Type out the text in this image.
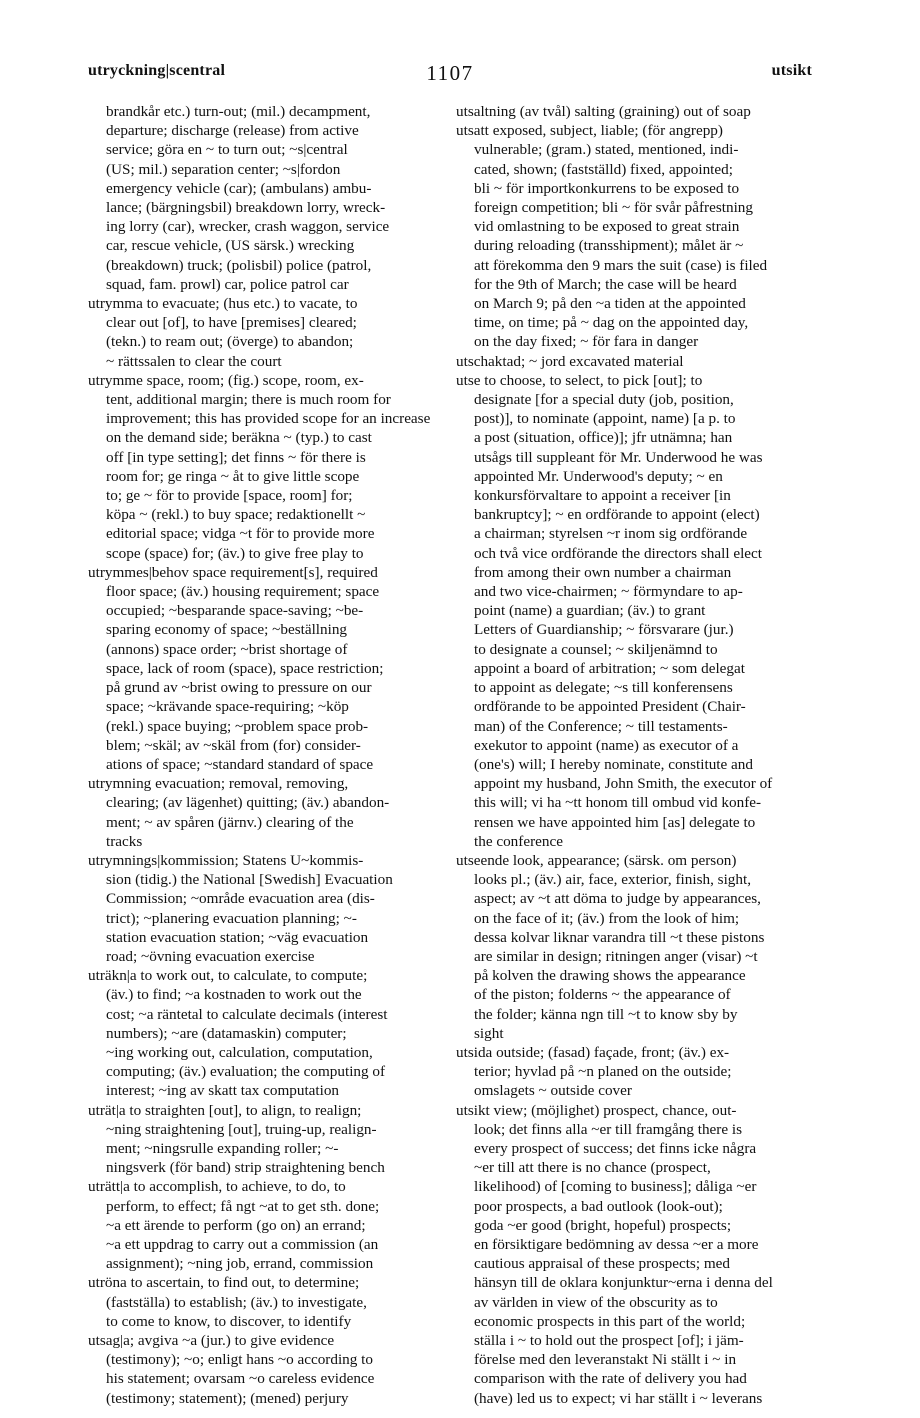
utryckning|scentral	1107	utsikt
brandkår etc.) turn-out; (mil.) decampment,
departure; discharge (release) from active
service; göra en ~ to turn out; ~s|central
(US; mil.) separation center; ~s|fordon
emergency vehicle (car); (ambulans) ambu-
lance; (bärgningsbil) breakdown lorry, wreck-
ing lorry (car), wrecker, crash waggon, service
car, rescue vehicle, (US särsk.) wrecking
(breakdown) truck; (polisbil) police (patrol,
squad, fam. prowl) car, police patrol car
utrymma to evacuate; (hus etc.) to vacate, to
clear out [of], to have [premises] cleared;
(tekn.) to ream out; (överge) to abandon;
~ rättssalen to clear the court
utrymme space, room; (fig.) scope, room, ex-
tent, additional margin; there is much room for
improvement; this has provided scope for an increase
on the demand side; beräkna ~ (typ.) to cast
off [in type setting]; det finns ~ för there is
room for; ge ringa ~ åt to give little scope
to; ge ~ för to provide [space, room] for;
köpa ~ (rekl.) to buy space; redaktionellt ~
editorial space; vidga ~t för to provide more
scope (space) for; (äv.) to give free play to
utrymmes|behov space requirement[s], required
floor space; (äv.) housing requirement; space
occupied; ~besparande space-saving; ~be-
sparing economy of space; ~beställning
(annons) space order; ~brist shortage of
space, lack of room (space), space restriction;
på grund av ~brist owing to pressure on our
space; ~krävande space-requiring; ~köp
(rekl.) space buying; ~problem space prob-
blem; ~skäl; av ~skäl from (for) consider-
ations of space; ~standard standard of space
utrymning evacuation; removal, removing,
clearing; (av lägenhet) quitting; (äv.) abandon-
ment; ~ av spåren (järnv.) clearing of the
tracks
utrymnings|kommission; Statens U~kommis-
sion (tidig.) the National [Swedish] Evacuation
Commission; ~område evacuation area (dis-
trict); ~planering evacuation planning; ~-
station evacuation station; ~väg evacuation
road; ~övning evacuation exercise
uträkn|a to work out, to calculate, to compute;
(äv.) to find; ~a kostnaden to work out the
cost; ~a räntetal to calculate decimals (interest
numbers); ~are (datamaskin) computer;
~ing working out, calculation, computation,
computing; (äv.) evaluation; the computing of
interest; ~ing av skatt tax computation
uträt|a to straighten [out], to align, to realign;
~ning straightening [out], truing-up, realign-
ment; ~ningsrulle expanding roller; ~-
ningsverk (för band) strip straightening bench
uträtt|a to accomplish, to achieve, to do, to
perform, to effect; få ngt ~at to get sth. done;
~a ett ärende to perform (go on) an errand;
~a ett uppdrag to carry out a commission (an
assignment); ~ning job, errand, commission
utröna to ascertain, to find out, to determine;
(fastställa) to establish; (äv.) to investigate,
to come to know, to discover, to identify
utsag|a; avgiva ~a (jur.) to give evidence
(testimony); ~o; enligt hans ~o according to
his statement; ovarsam ~o careless evidence
(testimony; statement); (mened) perjury
utsaltning (av tvål) salting (graining) out of soap
utsatt exposed, subject, liable; (för angrepp)
vulnerable; (gram.) stated, mentioned, indi-
cated, shown; (fastställd) fixed, appointed;
bli ~ för importkonkurrens to be exposed to
foreign competition; bli ~ för svår påfrestning
vid omlastning to be exposed to great strain
during reloading (transshipment); målet är ~
att förekomma den 9 mars the suit (case) is filed
for the 9th of March; the case will be heard
on March 9; på den ~a tiden at the appointed
time, on time; på ~ dag on the appointed day,
on the day fixed; ~ för fara in danger
utschaktad; ~ jord excavated material
utse to choose, to select, to pick [out]; to
designate [for a special duty (job, position,
post)], to nominate (appoint, name) [a p. to
a post (situation, office)]; jfr utnämna; han
utsågs till suppleant för Mr. Underwood he was
appointed Mr. Underwood's deputy; ~ en
konkursförvaltare to appoint a receiver [in
bankruptcy]; ~ en ordförande to appoint (elect)
a chairman; styrelsen ~r inom sig ordförande
och två vice ordförande the directors shall elect
from among their own number a chairman
and two vice-chairmen; ~ förmyndare to ap-
point (name) a guardian; (äv.) to grant
Letters of Guardianship; ~ försvarare (jur.)
to designate a counsel; ~ skiljenämnd to
appoint a board of arbitration; ~ som delegat
to appoint as delegate; ~s till konferensens
ordförande to be appointed President (Chair-
man) of the Conference; ~ till testaments-
exekutor to appoint (name) as executor of a
(one's) will; I hereby nominate, constitute and
appoint my husband, John Smith, the executor of
this will; vi ha ~tt honom till ombud vid konfe-
rensen we have appointed him [as] delegate to
the conference
utseende look, appearance; (särsk. om person)
looks pl.; (äv.) air, face, exterior, finish, sight,
aspect; av ~t att döma to judge by appearances,
on the face of it; (äv.) from the look of him;
dessa kolvar liknar varandra till ~t these pistons
are similar in design; ritningen anger (visar) ~t
på kolven the drawing shows the appearance
of the piston; folderns ~ the appearance of
the folder; känna ngn till ~t to know sby by
sight
utsida outside; (fasad) façade, front; (äv.) ex-
terior; hyvlad på ~n planed on the outside;
omslagets ~ outside cover
utsikt view; (möjlighet) prospect, chance, out-
look; det finns alla ~er till framgång there is
every prospect of success; det finns icke några
~er till att there is no chance (prospect,
likelihood) of [coming to business]; dåliga ~er
poor prospects, a bad outlook (look-out);
goda ~er good (bright, hopeful) prospects;
en försiktigare bedömning av dessa ~er a more
cautious appraisal of these prospects; med
hänsyn till de oklara konjunktur~erna i denna del
av världen in view of the obscurity as to
economic prospects in this part of the world;
ställa i ~ to hold out the prospect [of]; i jäm-
förelse med den leveranstakt Ni ställt i ~ in
comparison with the rate of delivery you had
(have) led us to expect; vi har ställt i ~ leverans
